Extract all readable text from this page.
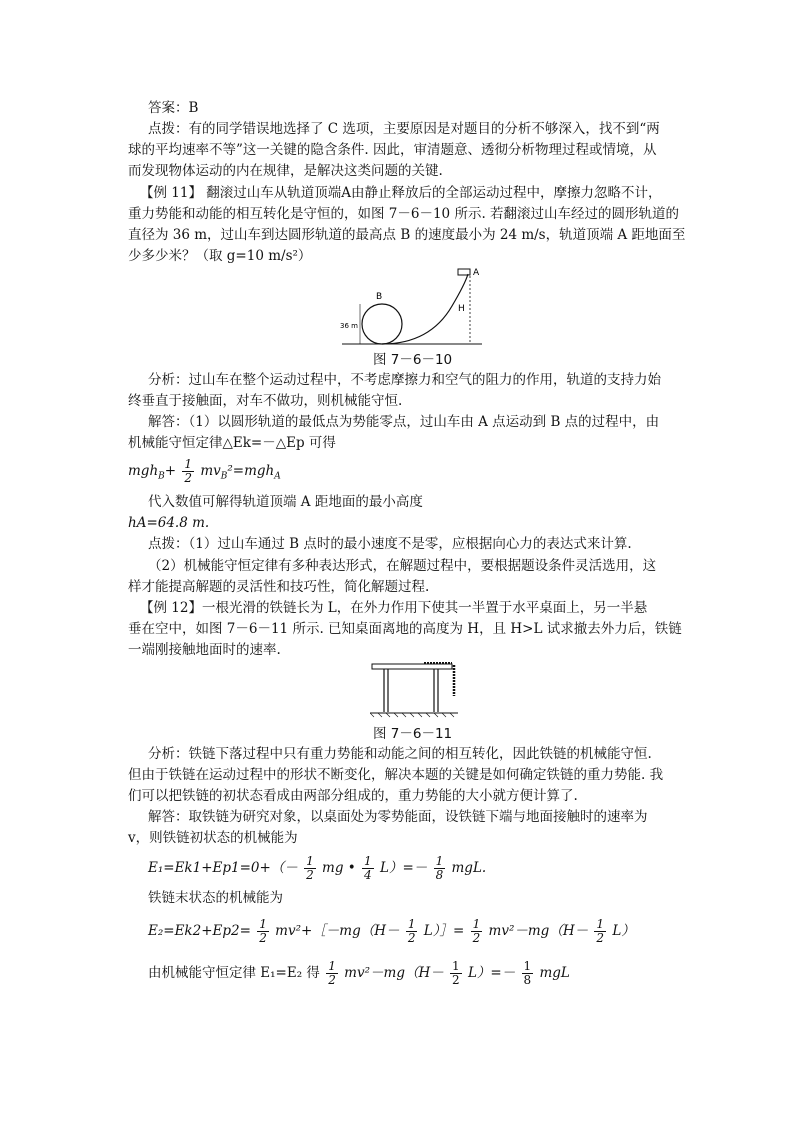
答案：B
点拨：有的同学错误地选择了 C 选项，主要原因是对题目的分析不够深入，找不到“两
球的平均速率不等”这一关键的隐含条件. 因此，审清题意、透彻分析物理过程或情境，从
而发现物体运动的内在规律，是解决这类问题的关键.
【例 11】 翻滚过山车从轨道顶端A由静止释放后的全部运动过程中，摩擦力忽略不计，
重力势能和动能的相互转化是守恒的，如图 7－6－10 所示. 若翻滚过山车经过的圆形轨道的
直径为 36 m，过山车到达圆形轨道的最高点 B 的速度最小为 24 m/s，轨道顶端 A 距地面至
少多少米？（取 g=10 m/s²）
A
B
H
36 m
图 7－6－10
分析：过山车在整个运动过程中，不考虑摩擦力和空气的阻力的作用，轨道的支持力始
终垂直于接触面，对车不做功，则机械能守恒.
解答：（1）以圆形轨道的最低点为势能零点，过山车由 A 点运动到 B 点的过程中，由
机械能守恒定律△Ek=－△Ep 可得
$mgh_B+ \frac{1}{2} mv_B^2=mgh_A$
代入数值可解得轨道顶端 A 距地面的最小高度
hA=64.8 m.
点拨：（1）过山车通过 B 点时的最小速度不是零，应根据向心力的表达式来计算.
（2）机械能守恒定律有多种表达形式，在解题过程中，要根据题设条件灵活选用，这
样才能提高解题的灵活性和技巧性，简化解题过程.
【例 12】一根光滑的铁链长为 L，在外力作用下使其一半置于水平桌面上，另一半悬
垂在空中，如图 7－6－11 所示. 已知桌面离地的高度为 H，且 H>L 试求撤去外力后，铁链
一端刚接触地面时的速率.
图 7－6－11
分析：铁链下落过程中只有重力势能和动能之间的相互转化，因此铁链的机械能守恒.
但由于铁链在运动过程中的形状不断变化，解决本题的关键是如何确定铁链的重力势能. 我
们可以把铁链的初状态看成由两部分组成的，重力势能的大小就方便计算了.
解答：取铁链为研究对象，以桌面处为零势能面，设铁链下端与地面接触时的速率为
v，则铁链初状态的机械能为
$E_1=Ek1+Ep1=0+(- \frac{1}{2}$ mg • $\frac{1}{4} L)=- \frac{1}{8}$ mgL.
铁链末状态的机械能为
$E_2=Ek2+Ep2= \frac{1}{2}$ mv²+［－mg（H－ $\frac{1}{2}$ L）］= $\frac{1}{2} mv^2-mg(H- \frac{1}{2} L)$
由机械能守恒定律 E₁=E₂ 得 $\frac{1}{2} mv^2-mg(H- \frac{1}{2} L)=- \frac{1}{8}$ mgL
